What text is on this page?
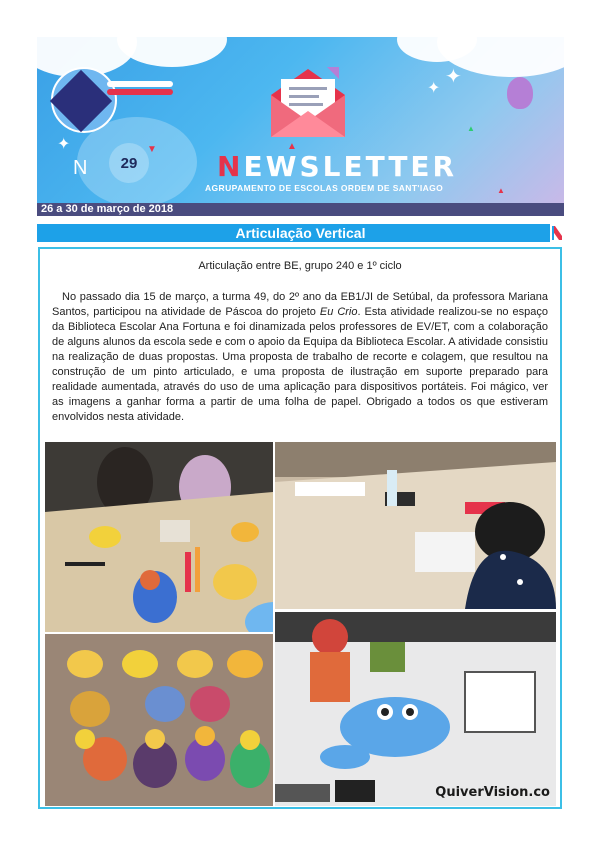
✦
✦
✦
▲
▼
▲
▲
N	29	NEWSLETTER
AGRUPAMENTO DE ESCOLAS ORDEM DE SANT'IAGO
26 a 30 de março de 2018
Articulação Vertical
Articulação entre BE, grupo 240 e 1º ciclo
No passado dia 15 de março, a turma 49, do 2º ano da EB1/JI de Setúbal, da professora Mariana Santos, participou na atividade de Páscoa do projeto Eu Crio. Esta atividade realizou-se no espaço da Biblioteca Escolar Ana Fortuna e foi dinamizada pelos professores de EV/ET, com a colaboração de alguns alunos da escola sede e com o apoio da Equipa da Biblioteca Escolar. A atividade consistiu na realização de duas propostas. Uma proposta de trabalho de recorte e colagem, que resultou na construção de um pinto articulado, e uma proposta de ilustração em suporte preparado para realidade aumentada, através do uso de uma aplicação para dispositivos portáteis. Foi mágico, ver as imagens a ganhar forma a partir de uma folha de papel. Obrigado a todos os que estiveram envolvidos nesta atividade.
QuiverVision.co
